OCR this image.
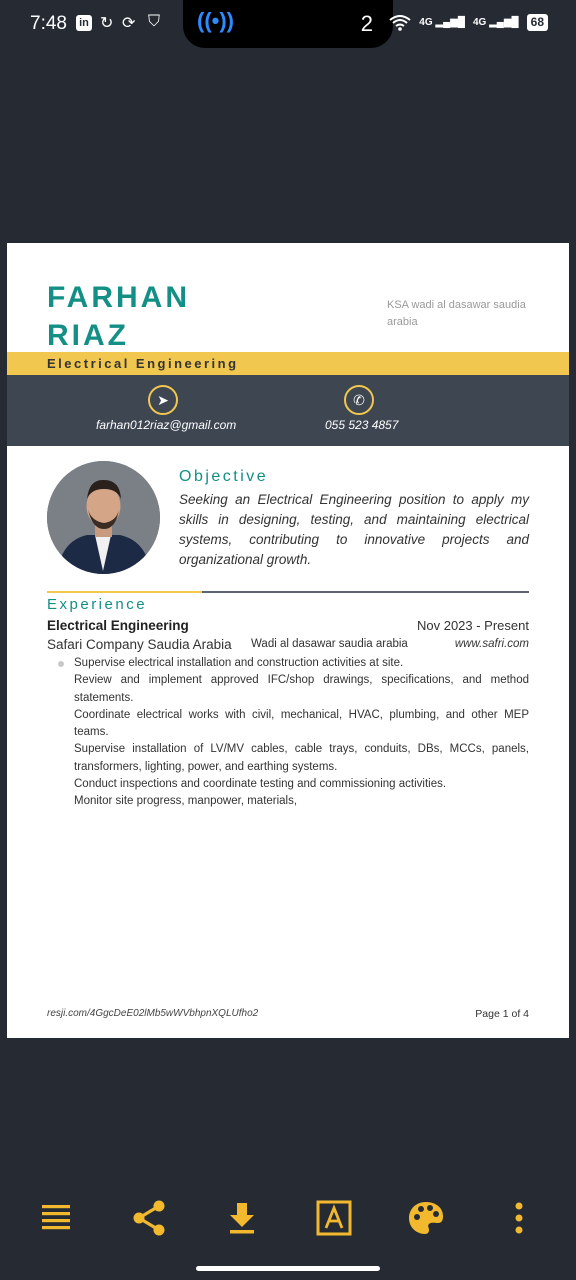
7:48 in ↻ ⟳ ⛉ ((•))	2	4G ▂▄▆█ 4G ▂▄▆█	68
FARHAN
RIAZ
KSA wadi al dasawar saudia arabia
Electrical Engineering
➤
farhan012riaz@gmail.com
✆
055 523 4857
Objective
Seeking an Electrical Engineering position to apply my skills in designing, testing, and maintaining electrical systems, contributing to innovative projects and organizational growth.
Experience
Electrical Engineering	Nov 2023 - Present
Safari Company Saudia Arabia Wadi al dasawar saudia arabia	www.safri.com
Supervise electrical installation and construction activities at site.
Review and implement approved IFC/shop drawings, specifications, and method statements.
Coordinate electrical works with civil, mechanical, HVAC, plumbing, and other MEP teams.
Supervise installation of LV/MV cables, cable trays, conduits, DBs, MCCs, panels, transformers, lighting, power, and earthing systems.
Conduct inspections and coordinate testing and commissioning activities.
Monitor site progress, manpower, materials,
resji.com/4GgcDeE02lMb5wWVbhpnXQLUfho2	Page 1 of 4
